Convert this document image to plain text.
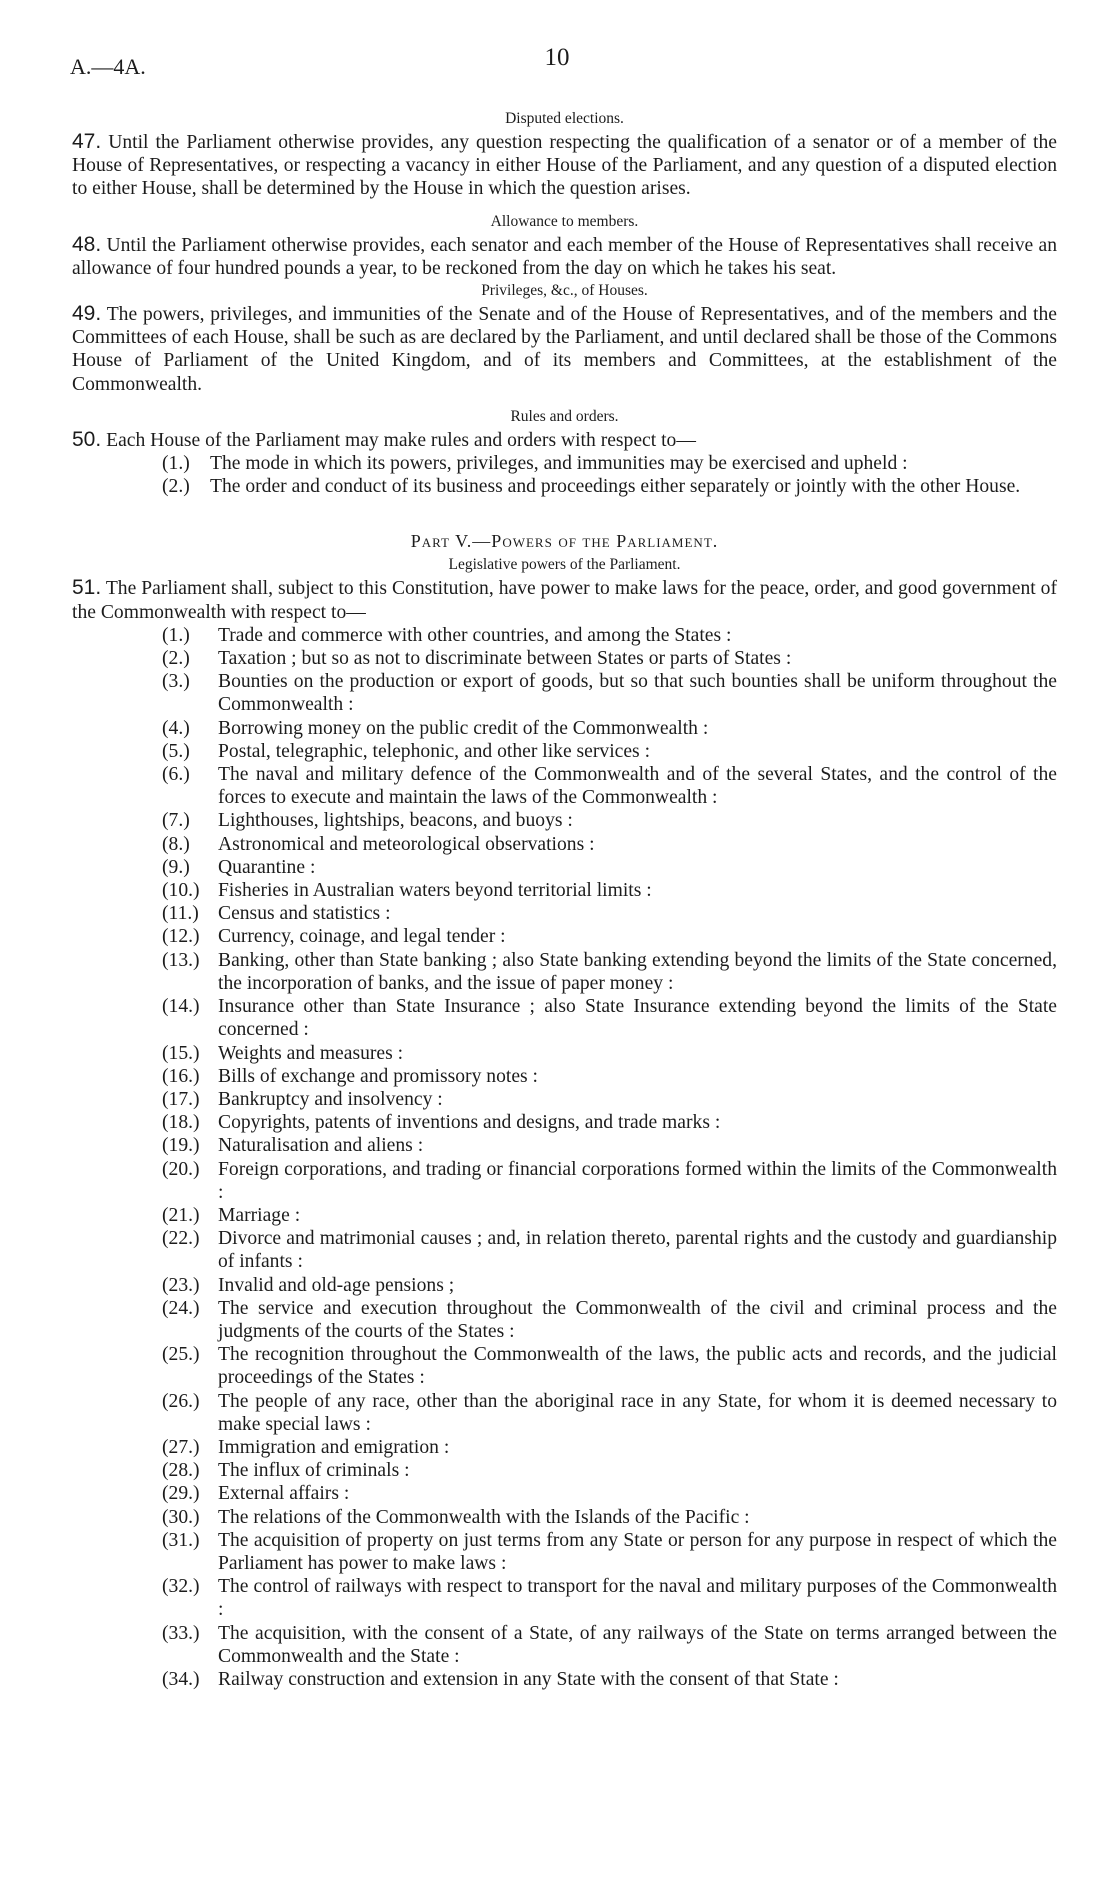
10
A.—4A.
Disputed elections.

47. Until the Parliament otherwise provides, any question respecting the qualification of a senator or of a member of the House of Representatives, or respecting a vacancy in either House of the Parliament, and any question of a disputed election to either House, shall be determined by the House in which the question arises.

Allowance to members.

48. Until the Parliament otherwise provides, each senator and each member of the House of Representatives shall receive an allowance of four hundred pounds a year, to be reckoned from the day on which he takes his seat.

Privileges, &c., of Houses.

49. The powers, privileges, and immunities of the Senate and of the House of Representatives, and of the members and the Committees of each House, shall be such as are declared by the Parliament, and until declared shall be those of the Commons House of Parliament of the United Kingdom, and of its members and Committees, at the establishment of the Commonwealth.

Rules and orders.

50. Each House of the Parliament may make rules and orders with respect to—

(1.)	The mode in which its powers, privileges, and immunities may be exercised and upheld :
(2.)	The order and conduct of its business and proceedings either separately or jointly with the other House.
Part V.—Powers of the Parliament.
Legislative powers of the Parliament.

51. The Parliament shall, subject to this Constitution, have power to make laws for the peace, order, and good government of the Commonwealth with respect to—

(1.)	Trade and commerce with other countries, and among the States :
(2.)	Taxation ; but so as not to discriminate between States or parts of States :
(3.)	Bounties on the production or export of goods, but so that such bounties shall be uniform throughout the Commonwealth :
(4.)	Borrowing money on the public credit of the Commonwealth :
(5.)	Postal, telegraphic, telephonic, and other like services :
(6.)	The naval and military defence of the Commonwealth and of the several States, and the control of the forces to execute and maintain the laws of the Commonwealth :
(7.)	Lighthouses, lightships, beacons, and buoys :
(8.)	Astronomical and meteorological observations :
(9.)	Quarantine :
(10.) Fisheries in Australian waters beyond territorial limits :
(11.) Census and statistics :
(12.) Currency, coinage, and legal tender :
(13.) Banking, other than State banking ; also State banking extending beyond the limits of the State concerned, the incorporation of banks, and the issue of paper money :
(14.) Insurance other than State Insurance ; also State Insurance extending beyond the limits of the State concerned :
(15.) Weights and measures :
(16.) Bills of exchange and promissory notes :
(17.) Bankruptcy and insolvency :
(18.) Copyrights, patents of inventions and designs, and trade marks :
(19.) Naturalisation and aliens :
(20.) Foreign corporations, and trading or financial corporations formed within the limits of the Commonwealth :
(21.) Marriage :
(22.) Divorce and matrimonial causes ; and, in relation thereto, parental rights and the custody and guardianship of infants :
(23.) Invalid and old-age pensions ;
(24.) The service and execution throughout the Commonwealth of the civil and criminal process and the judgments of the courts of the States :
(25.) The recognition throughout the Commonwealth of the laws, the public acts and records, and the judicial proceedings of the States :
(26.) The people of any race, other than the aboriginal race in any State, for whom it is deemed necessary to make special laws :
(27.) Immigration and emigration :
(28.) The influx of criminals :
(29.) External affairs :
(30.) The relations of the Commonwealth with the Islands of the Pacific :
(31.) The acquisition of property on just terms from any State or person for any purpose in respect of which the Parliament has power to make laws :
(32.) The control of railways with respect to transport for the naval and military purposes of the Commonwealth :
(33.) The acquisition, with the consent of a State, of any railways of the State on terms arranged between the Commonwealth and the State :
(34.) Railway construction and extension in any State with the consent of that State :
